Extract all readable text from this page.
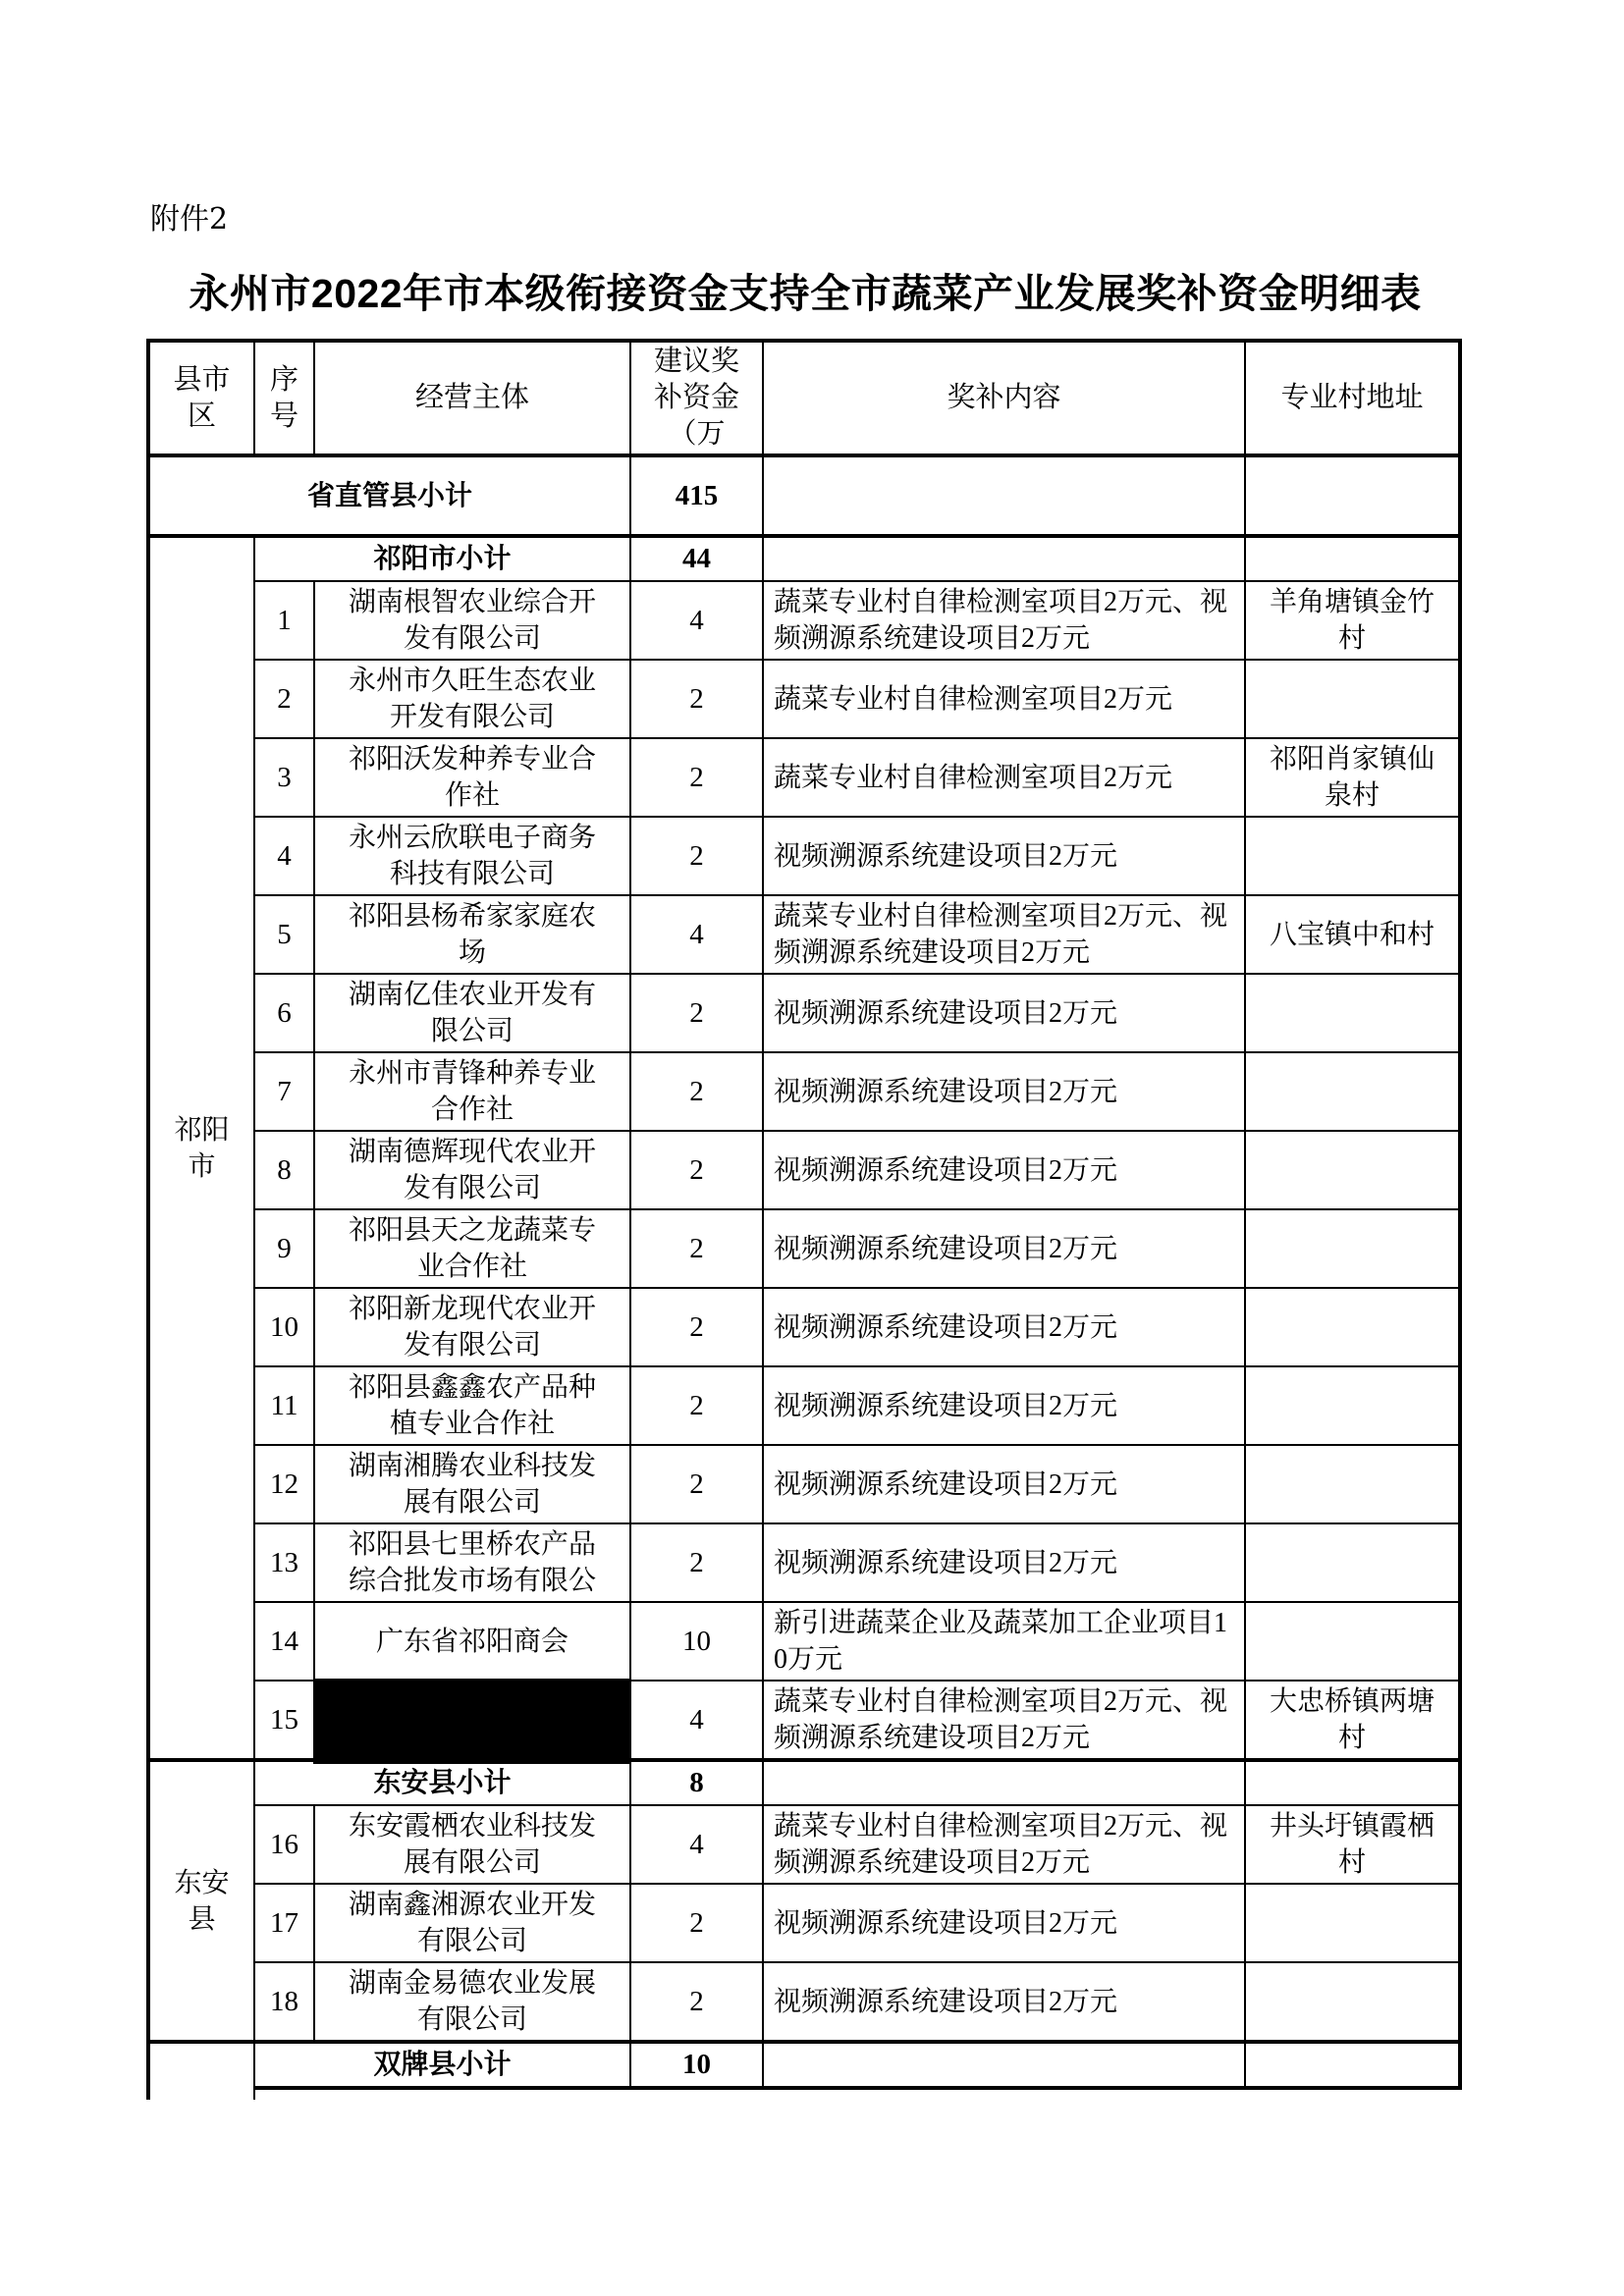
附件2
永州市2022年市本级衔接资金支持全市蔬菜产业发展奖补资金明细表
县市区	序号	经营主体	建议奖补资金（万	奖补内容	专业村地址

省直管县小计			415		

祁阳市	祁阳市小计		44		
	1	湖南根智农业综合开发有限公司	4	蔬菜专业村自律检测室项目2万元、视频溯源系统建设项目2万元	羊角塘镇金竹村
	2	永州市久旺生态农业开发有限公司	2	蔬菜专业村自律检测室项目2万元	
	3	祁阳沃发种养专业合作社	2	蔬菜专业村自律检测室项目2万元	祁阳肖家镇仙泉村
	4	永州云欣联电子商务科技有限公司	2	视频溯源系统建设项目2万元	
	5	祁阳县杨希家家庭农场	4	蔬菜专业村自律检测室项目2万元、视频溯源系统建设项目2万元	八宝镇中和村
	6	湖南亿佳农业开发有限公司	2	视频溯源系统建设项目2万元	
	7	永州市青锋种养专业合作社	2	视频溯源系统建设项目2万元	
	8	湖南德辉现代农业开发有限公司	2	视频溯源系统建设项目2万元	
	9	祁阳县天之龙蔬菜专业合作社	2	视频溯源系统建设项目2万元	
	10	祁阳新龙现代农业开发有限公司	2	视频溯源系统建设项目2万元	
	11	祁阳县鑫鑫农产品种植专业合作社	2	视频溯源系统建设项目2万元	
	12	湖南湘腾农业科技发展有限公司	2	视频溯源系统建设项目2万元	
	13	祁阳县七里桥农产品综合批发市场有限公	2	视频溯源系统建设项目2万元	
	14	广东省祁阳商会	10	新引进蔬菜企业及蔬菜加工企业项目10万元	
	15		4	蔬菜专业村自律检测室项目2万元、视频溯源系统建设项目2万元	大忠桥镇两塘村

东安县	东安县小计		8		
	16	东安霞栖农业科技发展有限公司	4	蔬菜专业村自律检测室项目2万元、视频溯源系统建设项目2万元	井头圩镇霞栖村
	17	湖南鑫湘源农业开发有限公司	2	视频溯源系统建设项目2万元	
	18	湖南金易德农业发展有限公司	2	视频溯源系统建设项目2万元	

	双牌县小计		10		
